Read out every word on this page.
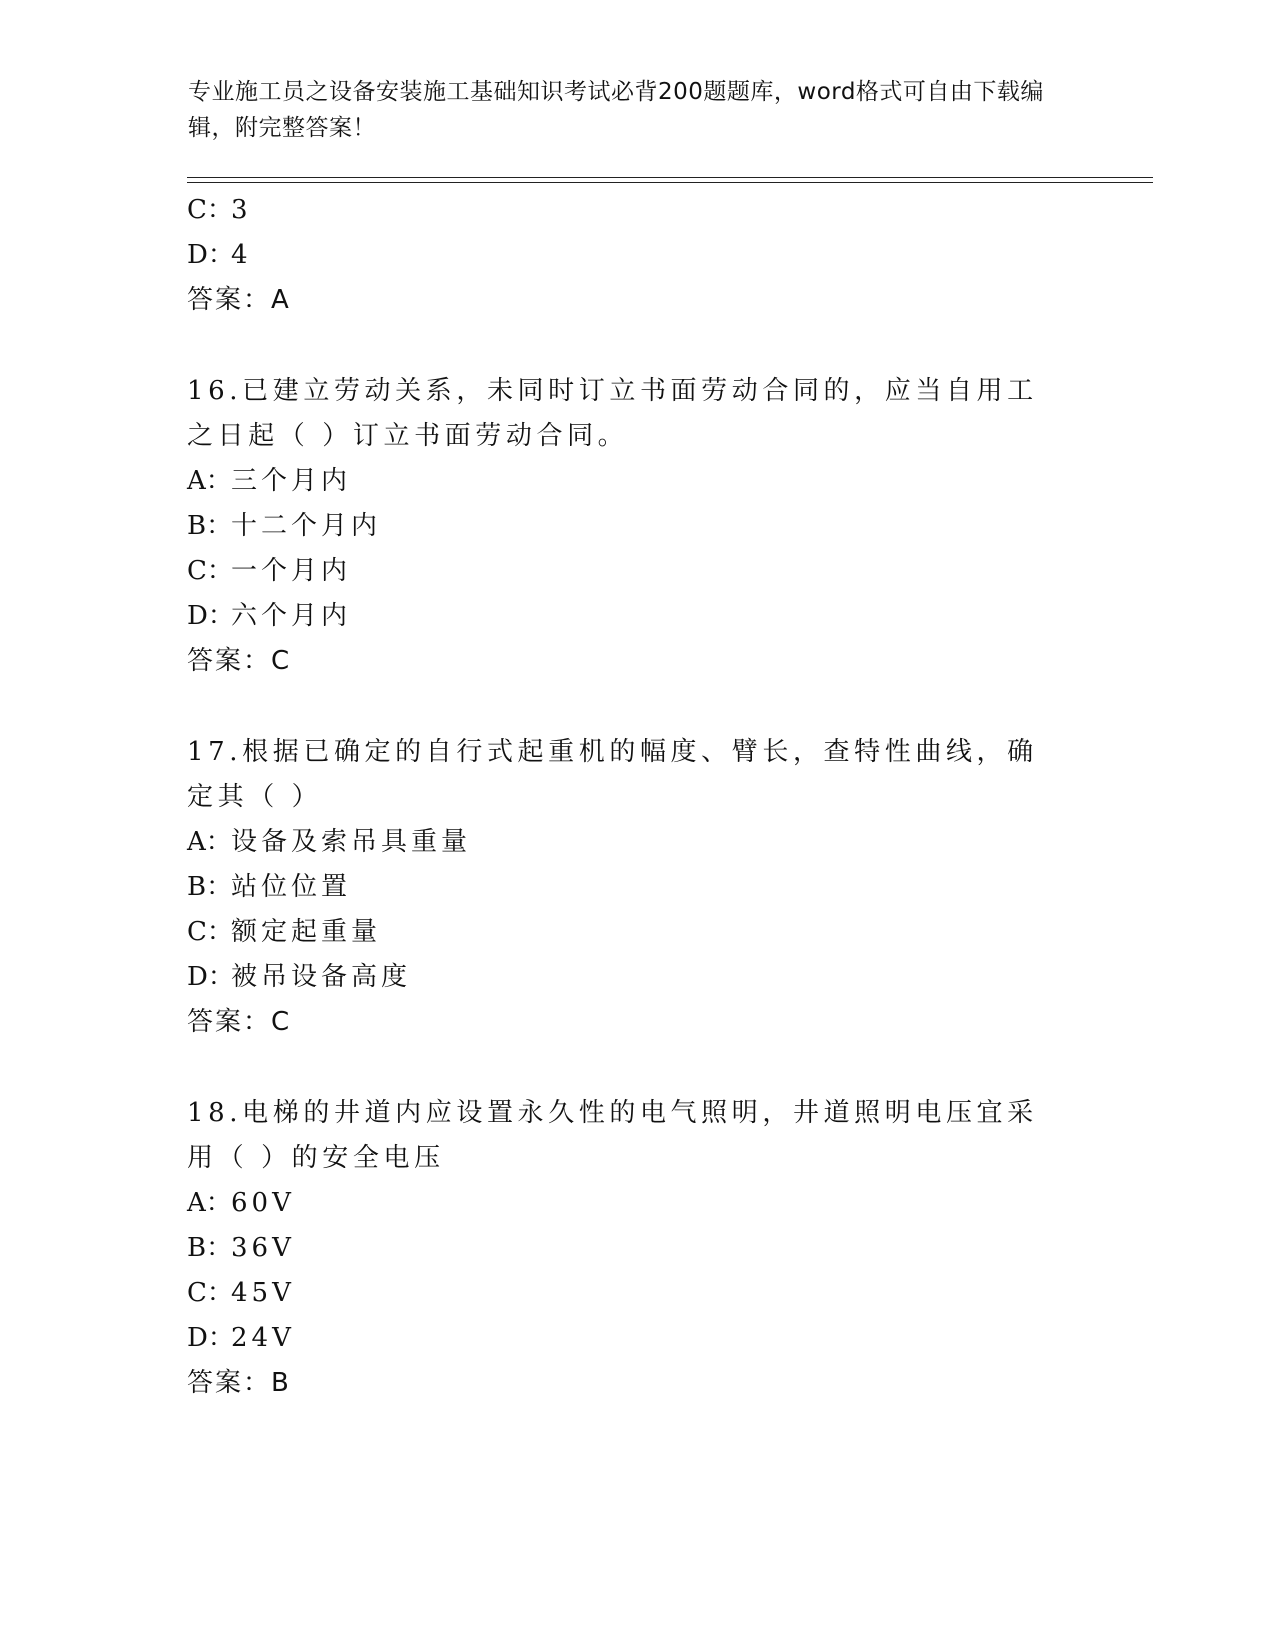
专业施工员之设备安装施工基础知识考试必背200题题库，word格式可自由下载编辑，附完整答案！
C：3
D：4
答案：A
16.已建立劳动关系，未同时订立书面劳动合同的，应当自用工之日起（ ）订立书面劳动合同。
A：三个月内
B：十二个月内
C：一个月内
D：六个月内
答案：C
17.根据已确定的自行式起重机的幅度、臂长，查特性曲线，确定其（ ）
A：设备及索吊具重量
B：站位位置
C：额定起重量
D：被吊设备高度
答案：C
18.电梯的井道内应设置永久性的电气照明，井道照明电压宜采用（ ）的安全电压
A：60V
B：36V
C：45V
D：24V
答案：B
